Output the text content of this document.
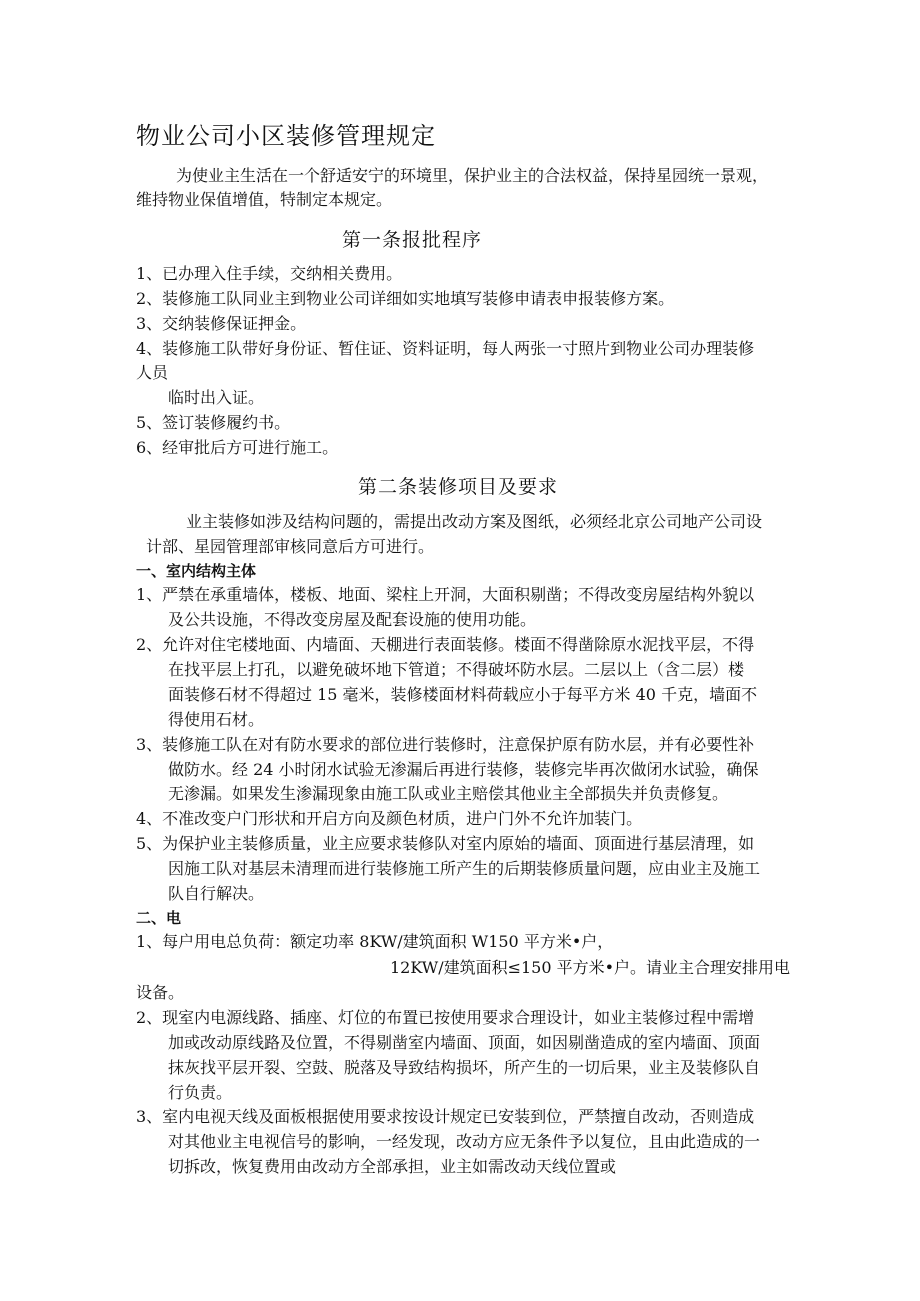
物业公司小区装修管理规定

为使业主生活在一个舒适安宁的环境里，保护业主的合法权益，保持星园统一景观，

维持物业保值增值，特制定本规定。

第一条报批程序

1、已办理入住手续，交纳相关费用。

2、装修施工队同业主到物业公司详细如实地填写装修申请表申报装修方案。

3、交纳装修保证押金。

4、装修施工队带好身份证、暂住证、资料证明，每人两张一寸照片到物业公司办理装修

人员

临时出入证。

5、签订装修履约书。

6、经审批后方可进行施工。

第二条装修项目及要求

业主装修如涉及结构问题的，需提出改动方案及图纸，必须经北京公司地产公司设

计部、星园管理部审核同意后方可进行。

一、室内结构主体

1、严禁在承重墙体，楼板、地面、梁柱上开洞，大面积剔凿；不得改变房屋结构外貌以

及公共设施，不得改变房屋及配套设施的使用功能。

2、允许对住宅楼地面、内墙面、天棚进行表面装修。楼面不得凿除原水泥找平层，不得

在找平层上打孔，以避免破坏地下管道；不得破坏防水层。二层以上（含二层）楼

面装修石材不得超过 15 毫米，装修楼面材料荷载应小于每平方米 40 千克，墙面不

得使用石材。

3、装修施工队在对有防水要求的部位进行装修时，注意保护原有防水层，并有必要性补

做防水。经 24 小时闭水试验无渗漏后再进行装修，装修完毕再次做闭水试验，确保

无渗漏。如果发生渗漏现象由施工队或业主赔偿其他业主全部损失并负责修复。

4、不准改变户门形状和开启方向及颜色材质，进户门外不允许加装门。

5、为保护业主装修质量，业主应要求装修队对室内原始的墙面、顶面进行基层清理，如

因施工队对基层未清理而进行装修施工所产生的后期装修质量问题，应由业主及施工

队自行解决。

二、电

1、每户用电总负荷：额定功率 8KW/建筑面积 W150 平方米•户，

12KW/建筑面积≤150 平方米•户。请业主合理安排用电

设备。

2、现室内电源线路、插座、灯位的布置已按使用要求合理设计，如业主装修过程中需增

加或改动原线路及位置，不得剔凿室内墙面、顶面，如因剔凿造成的室内墙面、顶面

抹灰找平层开裂、空鼓、脱落及导致结构损坏，所产生的一切后果，业主及装修队自

行负责。

3、室内电视天线及面板根据使用要求按设计规定已安装到位，严禁擅自改动，否则造成

对其他业主电视信号的影响，一经发现，改动方应无条件予以复位，且由此造成的一

切拆改，恢复费用由改动方全部承担，业主如需改动天线位置或
